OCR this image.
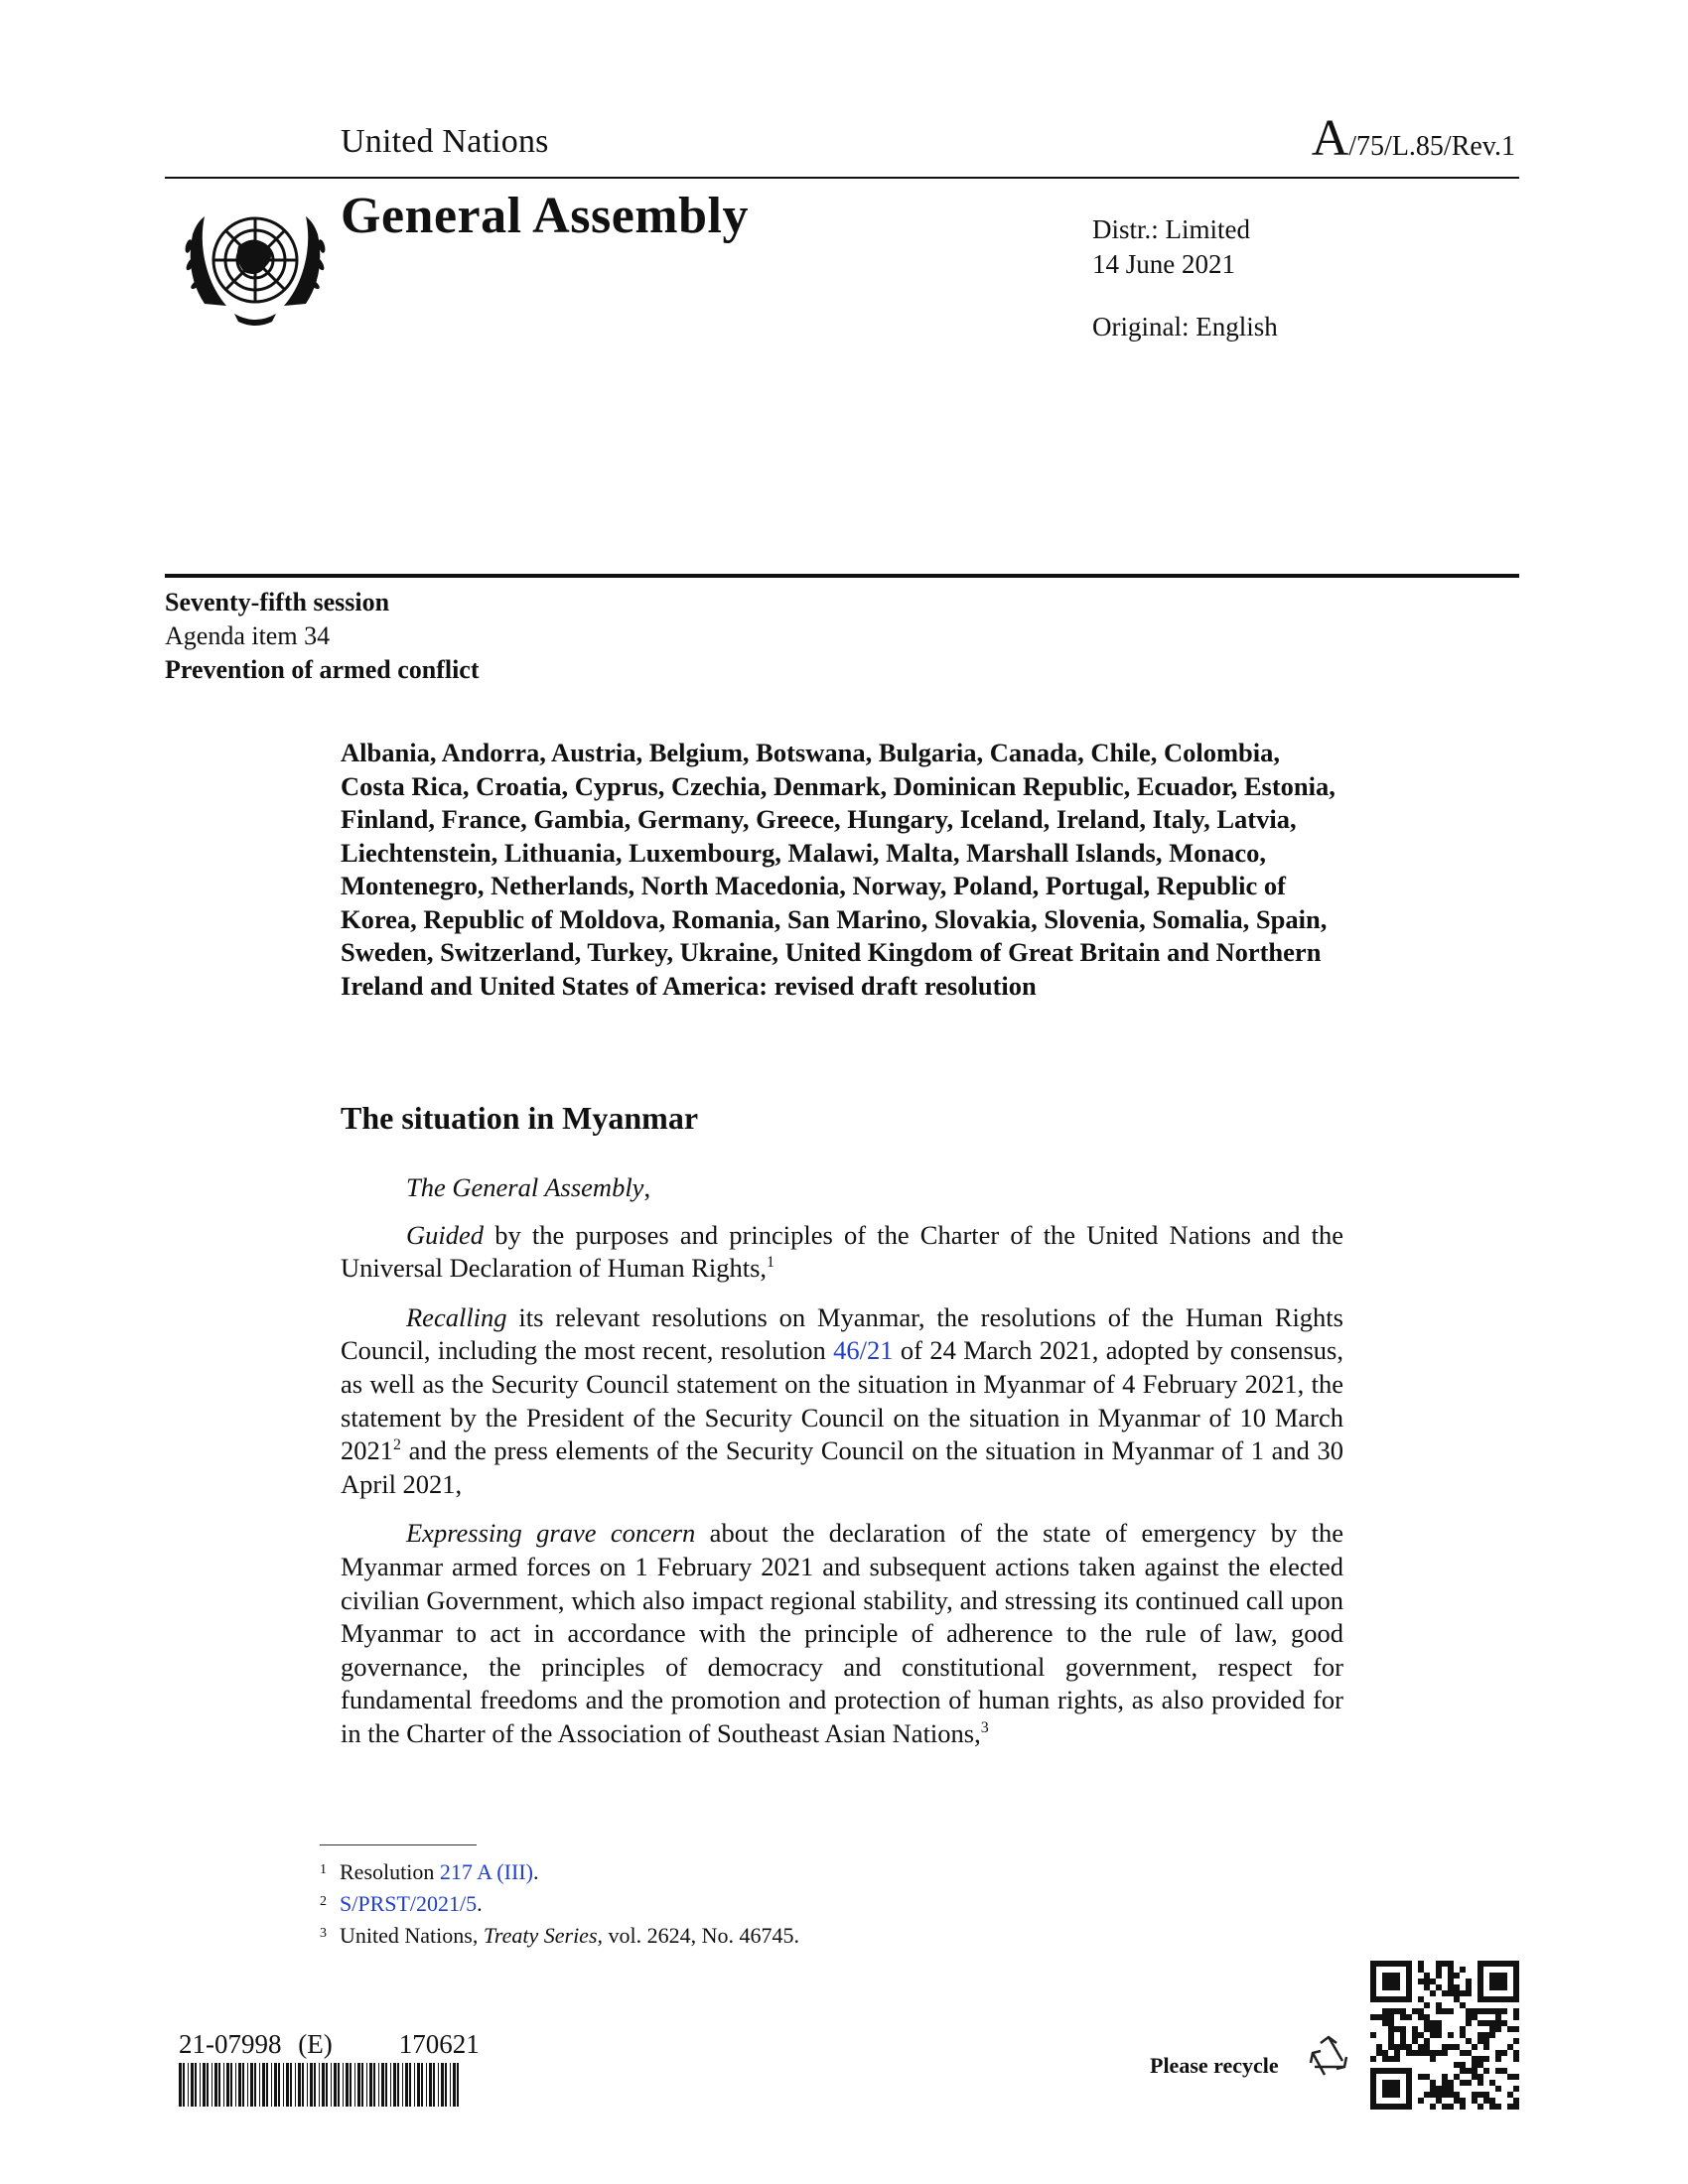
United Nations	A/75/L.85/Rev.1
General Assembly	Distr.: Limited
14 June 2021
Original: English
Seventy-fifth session
Agenda item 34
Prevention of armed conflict
Albania, Andorra, Austria, Belgium, Botswana, Bulgaria, Canada, Chile, Colombia, Costa Rica, Croatia, Cyprus, Czechia, Denmark, Dominican Republic, Ecuador, Estonia, Finland, France, Gambia, Germany, Greece, Hungary, Iceland, Ireland, Italy, Latvia, Liechtenstein, Lithuania, Luxembourg, Malawi, Malta, Marshall Islands, Monaco, Montenegro, Netherlands, North Macedonia, Norway, Poland, Portugal, Republic of Korea, Republic of Moldova, Romania, San Marino, Slovakia, Slovenia, Somalia, Spain, Sweden, Switzerland, Turkey, Ukraine, United Kingdom of Great Britain and Northern Ireland and United States of America: revised draft resolution
The situation in Myanmar

The General Assembly,

Guided by the purposes and principles of the Charter of the United Nations and the Universal Declaration of Human Rights,$^1$

Recalling its relevant resolutions on Myanmar, the resolutions of the Human Rights Council, including the most recent, resolution 46/21 of 24 March 2021, adopted by consensus, as well as the Security Council statement on the situation in Myanmar of 4 February 2021, the statement by the President of the Security Council on the situation in Myanmar of 10 March 2021$^2$ and the press elements of the Security Council on the situation in Myanmar of 1 and 30 April 2021,

Expressing grave concern about the declaration of the state of emergency by the Myanmar armed forces on 1 February 2021 and subsequent actions taken against the elected civilian Government, which also impact regional stability, and stressing its continued call upon Myanmar to act in accordance with the principle of adherence to the rule of law, good governance, the principles of democracy and constitutional government, respect for fundamental freedoms and the promotion and protection of human rights, as also provided for in the Charter of the Association of Southeast Asian Nations,$^3$

1 Resolution 217 A (III).
2 S/PRST/2021/5.
3 United Nations, Treaty Series, vol. 2624, No. 46745.
21-07998 (E)    170621
Please recycle
